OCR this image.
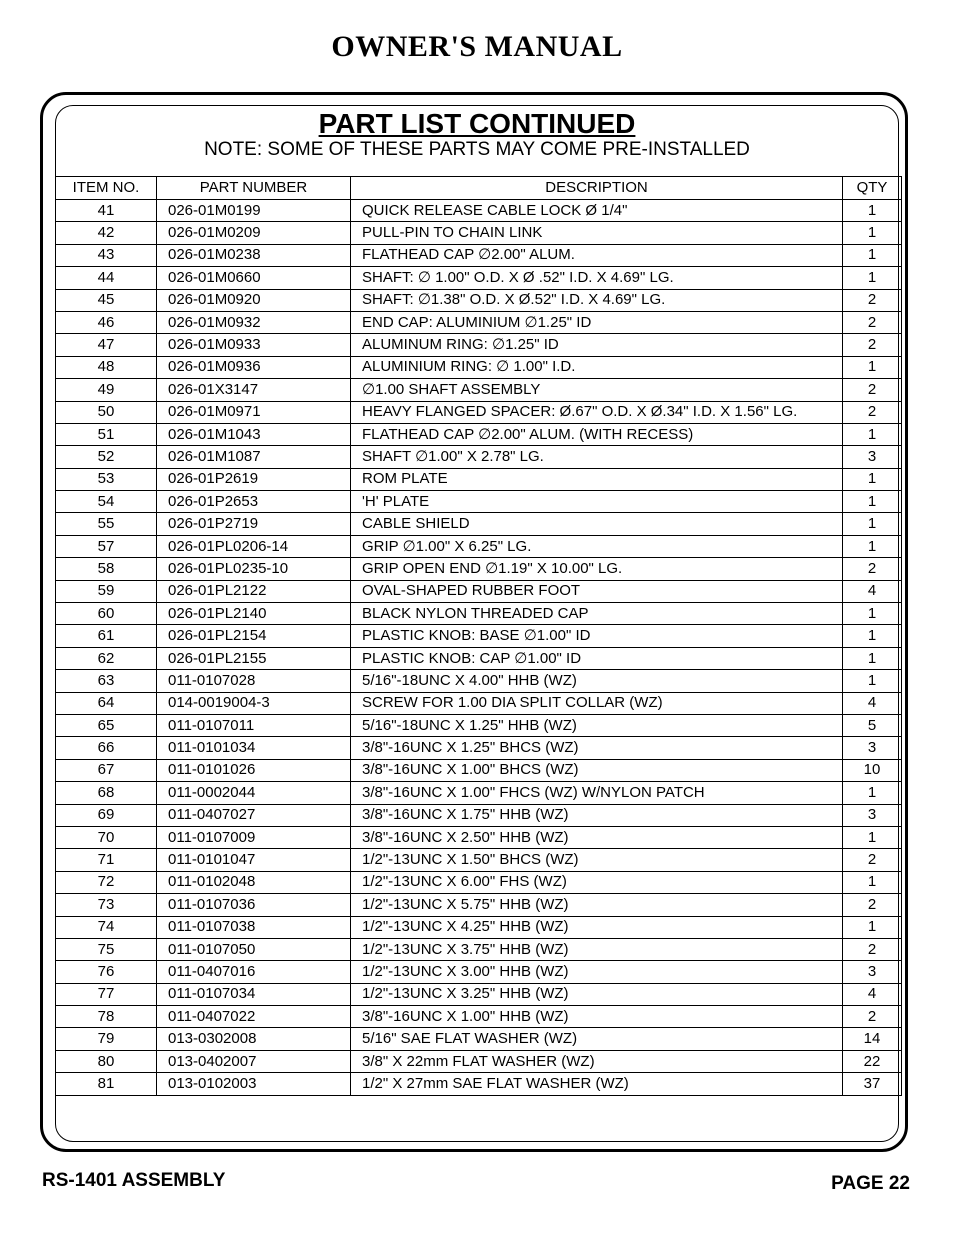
OWNER'S MANUAL
PART LIST CONTINUED
NOTE: SOME OF THESE PARTS MAY COME PRE-INSTALLED
ITEM NO.	PART NUMBER	DESCRIPTION	QTY
41	026-01M0199	QUICK RELEASE CABLE LOCK Ø 1/4"	1
42	026-01M0209	PULL-PIN TO CHAIN LINK	1
43	026-01M0238	FLATHEAD CAP ∅2.00" ALUM.	1
44	026-01M0660	SHAFT: ∅ 1.00" O.D. X Ø .52" I.D. X 4.69" LG.	1
45	026-01M0920	SHAFT: ∅1.38" O.D. X Ø.52" I.D. X 4.69" LG.	2
46	026-01M0932	END CAP: ALUMINIUM ∅1.25" ID	2
47	026-01M0933	ALUMINUM RING: ∅1.25" ID	2
48	026-01M0936	ALUMINIUM RING: ∅ 1.00" I.D.	1
49	026-01X3147	∅1.00 SHAFT ASSEMBLY	2
50	026-01M0971	HEAVY FLANGED SPACER: Ø.67" O.D. X Ø.34" I.D. X 1.56" LG.	2
51	026-01M1043	FLATHEAD CAP ∅2.00" ALUM. (WITH RECESS)	1
52	026-01M1087	SHAFT ∅1.00" X 2.78" LG.	3
53	026-01P2619	ROM PLATE	1
54	026-01P2653	'H' PLATE	1
55	026-01P2719	CABLE SHIELD	1
57	026-01PL0206-14	GRIP ∅1.00" X 6.25" LG.	1
58	026-01PL0235-10	GRIP OPEN END ∅1.19" X 10.00" LG.	2
59	026-01PL2122	OVAL-SHAPED RUBBER FOOT	4
60	026-01PL2140	BLACK NYLON THREADED CAP	1
61	026-01PL2154	PLASTIC KNOB: BASE ∅1.00" ID	1
62	026-01PL2155	PLASTIC KNOB: CAP ∅1.00" ID	1
63	011-0107028	5/16"-18UNC X 4.00" HHB (WZ)	1
64	014-0019004-3	SCREW FOR 1.00 DIA SPLIT COLLAR (WZ)	4
65	011-0107011	5/16"-18UNC X 1.25" HHB (WZ)	5
66	011-0101034	3/8"-16UNC X 1.25" BHCS (WZ)	3
67	011-0101026	3/8"-16UNC X 1.00" BHCS (WZ)	10
68	011-0002044	3/8"-16UNC X 1.00" FHCS (WZ) W/NYLON PATCH	1
69	011-0407027	3/8"-16UNC X 1.75" HHB (WZ)	3
70	011-0107009	3/8"-16UNC X 2.50" HHB (WZ)	1
71	011-0101047	1/2"-13UNC X 1.50" BHCS (WZ)	2
72	011-0102048	1/2"-13UNC X 6.00" FHS (WZ)	1
73	011-0107036	1/2"-13UNC X 5.75" HHB (WZ)	2
74	011-0107038	1/2"-13UNC X 4.25" HHB (WZ)	1
75	011-0107050	1/2"-13UNC X 3.75" HHB (WZ)	2
76	011-0407016	1/2"-13UNC X 3.00" HHB (WZ)	3
77	011-0107034	1/2"-13UNC X 3.25" HHB (WZ)	4
78	011-0407022	3/8"-16UNC X 1.00" HHB (WZ)	2
79	013-0302008	5/16" SAE FLAT WASHER (WZ)	14
80	013-0402007	3/8" X 22mm FLAT WASHER (WZ)	22
81	013-0102003	1/2" X 27mm SAE FLAT WASHER (WZ)	37

RS-1401 ASSEMBLY	PAGE 22
